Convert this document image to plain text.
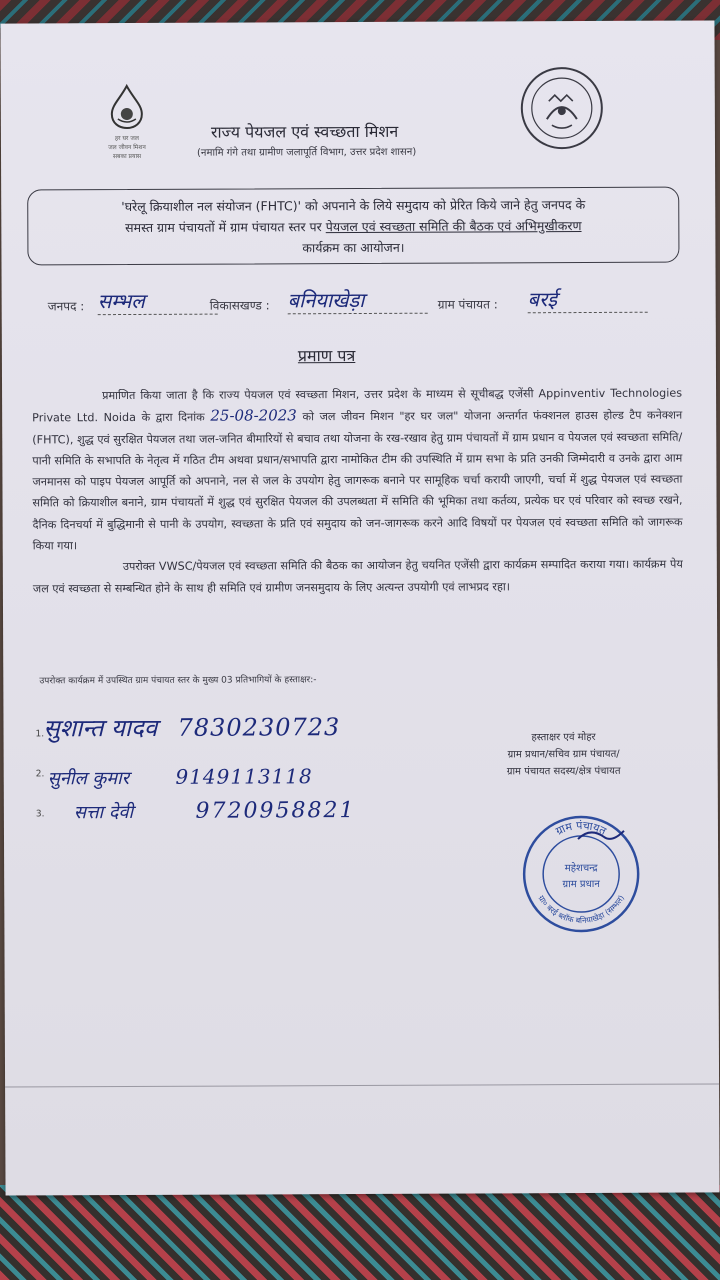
हर घर जल
जल जीवन मिशन
सबका प्रयास
राज्य पेयजल एवं स्वच्छता मिशन
(नमामि गंगे तथा ग्रामीण जलापूर्ति विभाग, उत्तर प्रदेश शासन)
'घरेलू क्रियाशील नल संयोजन (FHTC)' को अपनाने के लिये समुदाय को प्रेरित किये जाने हेतु जनपद के
समस्त ग्राम पंचायतों में ग्राम पंचायत स्तर पर पेयजल एवं स्वच्छता समिति की बैठक एवं अभिमुखीकरण
कार्यक्रम का आयोजन।
जनपद : सम्भल	विकासखण्ड : बनियाखेड़ा	ग्राम पंचायत : बरई
प्रमाण पत्र

प्रमाणित किया जाता है कि राज्य पेयजल एवं स्वच्छता मिशन, उत्तर प्रदेश के माध्यम से सूचीबद्ध एजेंसी Appinventiv Technologies Private Ltd. Noida के द्वारा दिनांक 25-08-2023 को जल जीवन मिशन "हर घर जल" योजना अन्तर्गत फंक्शनल हाउस होल्ड टैप कनेक्शन (FHTC), शुद्ध एवं सुरक्षित पेयजल तथा जल-जनित बीमारियों से बचाव तथा योजना के रख-रखाव हेतु ग्राम पंचायतों में ग्राम प्रधान व पेयजल एवं स्वच्छता समिति/पानी समिति के सभापति के नेतृत्व में गठित टीम अथवा प्रधान/सभापति द्वारा नामोकित टीम की उपस्थिति में ग्राम सभा के प्रति उनकी जिम्मेदारी व उनके द्वारा आम जनमानस को पाइप पेयजल आपूर्ति को अपनाने, नल से जल के उपयोग हेतु जागरूक बनाने पर सामूहिक चर्चा करायी जाएगी, चर्चा में शुद्ध पेयजल एवं स्वच्छता समिति को क्रियाशील बनाने, ग्राम पंचायतों में शुद्ध एवं सुरक्षित पेयजल की उपलब्धता में समिति की भूमिका तथा कर्तव्य, प्रत्येक घर एवं परिवार को स्वच्छ रखने, दैनिक दिनचर्या में बुद्धिमानी से पानी के उपयोग, स्वच्छता के प्रति एवं समुदाय को जन-जागरूक करने आदि विषयों पर पेयजल एवं स्वच्छता समिति को जागरूक किया गया।

उपरोक्त VWSC/पेयजल एवं स्वच्छता समिति की बैठक का आयोजन हेतु चयनित एजेंसी द्वारा कार्यक्रम सम्पादित कराया गया। कार्यक्रम पेय जल एवं स्वच्छता से सम्बन्धित होने के साथ ही समिति एवं ग्रामीण जनसमुदाय के लिए अत्यन्त उपयोगी एवं लाभप्रद रहा।

उपरोक्त कार्यक्रम में उपस्थित ग्राम पंचायत स्तर के मुख्य 03 प्रतिभागियों के हस्ताक्षर:-
1. सुशान्त यादव 7830230723
2. सुनील कुमार 9149113118
3. सत्ता देवी	9720958821
हस्ताक्षर एवं मोहर
ग्राम प्रधान/सचिव ग्राम पंचायत/
ग्राम पंचायत सदस्य/क्षेत्र पंचायत
ग्राम पंचायत
ग्रा० बरई ब्लॉक बनियाखेड़ा (सम्भल)
महेशचन्द्र
ग्राम प्रधान
